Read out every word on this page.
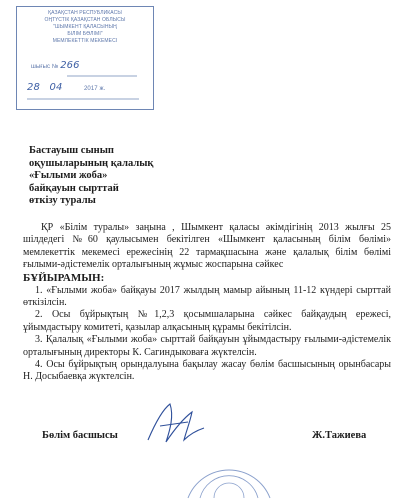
ҚАЗАҚСТАН РЕСПУБЛИКАСЫ
ОҢТҮСТІК ҚАЗАҚСТАН ОБЛЫСЫ
"ШЫМКЕНТ ҚАЛАСЫНЫҢ
БІЛІМ БӨЛІМІ"
МЕМЛЕКЕТТІК МЕКЕМЕСІ
шығыс № 266
28 04	2017 ж.
Бастауыш сынып
оқушыларының қалалық
«Ғылыми жоба»
байқауын сырттай
өткізу туралы

ҚР «Білім туралы» заңына , Шымкент қаласы әкімдігінің 2013 жылғы 25 шілдедегі №60 қаулысымен бекітілген «Шымкент қаласының білім бөлімі» мемлекеттік мекемесі ережесінің 22 тармақшасына және қалалық білім бөлімі ғылыми-әдістемелік орталығының жұмыс жоспарына сәйкес

БҰЙЫРАМЫН:

1. «Ғылыми жоба» байқауы 2017 жылдың мамыр айының 11-12 күндері сырттай өткізілсін.

2. Осы бұйрықтың №1,2,3 қосымшаларына сәйкес байқаудың ережесі, ұйымдастыру комитеті, қазылар алқасының құрамы бекітілсін.

3. Қалалық «Ғылыми жоба» сырттай байқауын ұйымдастыру ғылыми-әдістемелік орталығының директоры К. Сагиндыковаға жүктелсін.

4. Осы бұйрықтың орындалуына бақылау жасау бөлім басшысының орынбасары Н. Досыбаевқа жүктелсін.

Бөлім басшысы	Ж.Тажиева
